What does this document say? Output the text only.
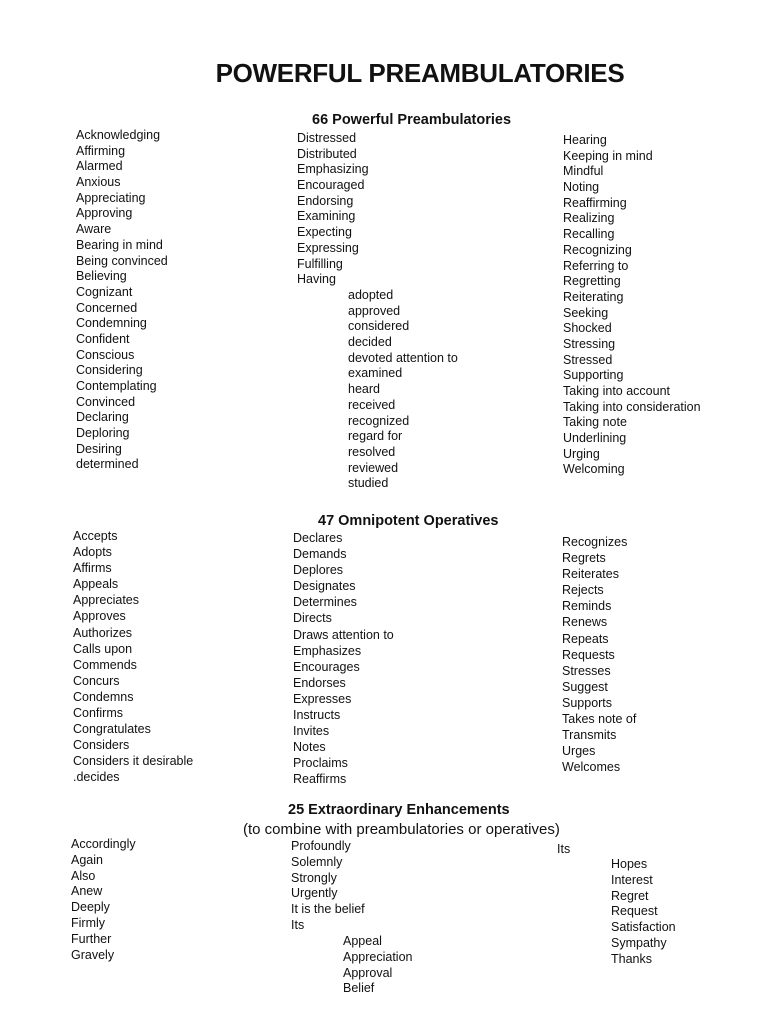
POWERFUL PREAMBULATORIES
66 Powerful Preambulatories
Acknowledging
Affirming
Alarmed
Anxious
Appreciating
Approving
Aware
Bearing in mind
Being convinced
Believing
Cognizant
Concerned
Condemning
Confident
Conscious
Considering
Contemplating
Convinced
Declaring
Deploring
Desiring
determined
Distressed
Distributed
Emphasizing
Encouraged
Endorsing
Examining
Expecting
Expressing
Fulfilling
Having
adopted
approved
considered
decided
devoted attention to
examined
heard
received
recognized
regard for
resolved
reviewed
studied
Hearing
Keeping in mind
Mindful
Noting
Reaffirming
Realizing
Recalling
Recognizing
Referring to
Regretting
Reiterating
Seeking
Shocked
Stressing
Stressed
Supporting
Taking into account
Taking into consideration
Taking note
Underlining
Urging
Welcoming
47 Omnipotent Operatives
Accepts
Adopts
Affirms
Appeals
Appreciates
Approves
Authorizes
Calls upon
Commends
Concurs
Condemns
Confirms
Congratulates
Considers
Considers it desirable
.decides
Declares
Demands
Deplores
Designates
Determines
Directs
Draws attention to
Emphasizes
Encourages
Endorses
Expresses
Instructs
Invites
Notes
Proclaims
Reaffirms
Recognizes
Regrets
Reiterates
Rejects
Reminds
Renews
Repeats
Requests
Stresses
Suggest
Supports
Takes note of
Transmits
Urges
Welcomes
25 Extraordinary Enhancements
(to combine with preambulatories or operatives)
Accordingly
Again
Also
Anew
Deeply
Firmly
Further
Gravely
Profoundly
Solemnly
Strongly
Urgently
It is the belief
Its
Appeal
Appreciation
Approval
Belief
Its
Hopes
Interest
Regret
Request
Satisfaction
Sympathy
Thanks
